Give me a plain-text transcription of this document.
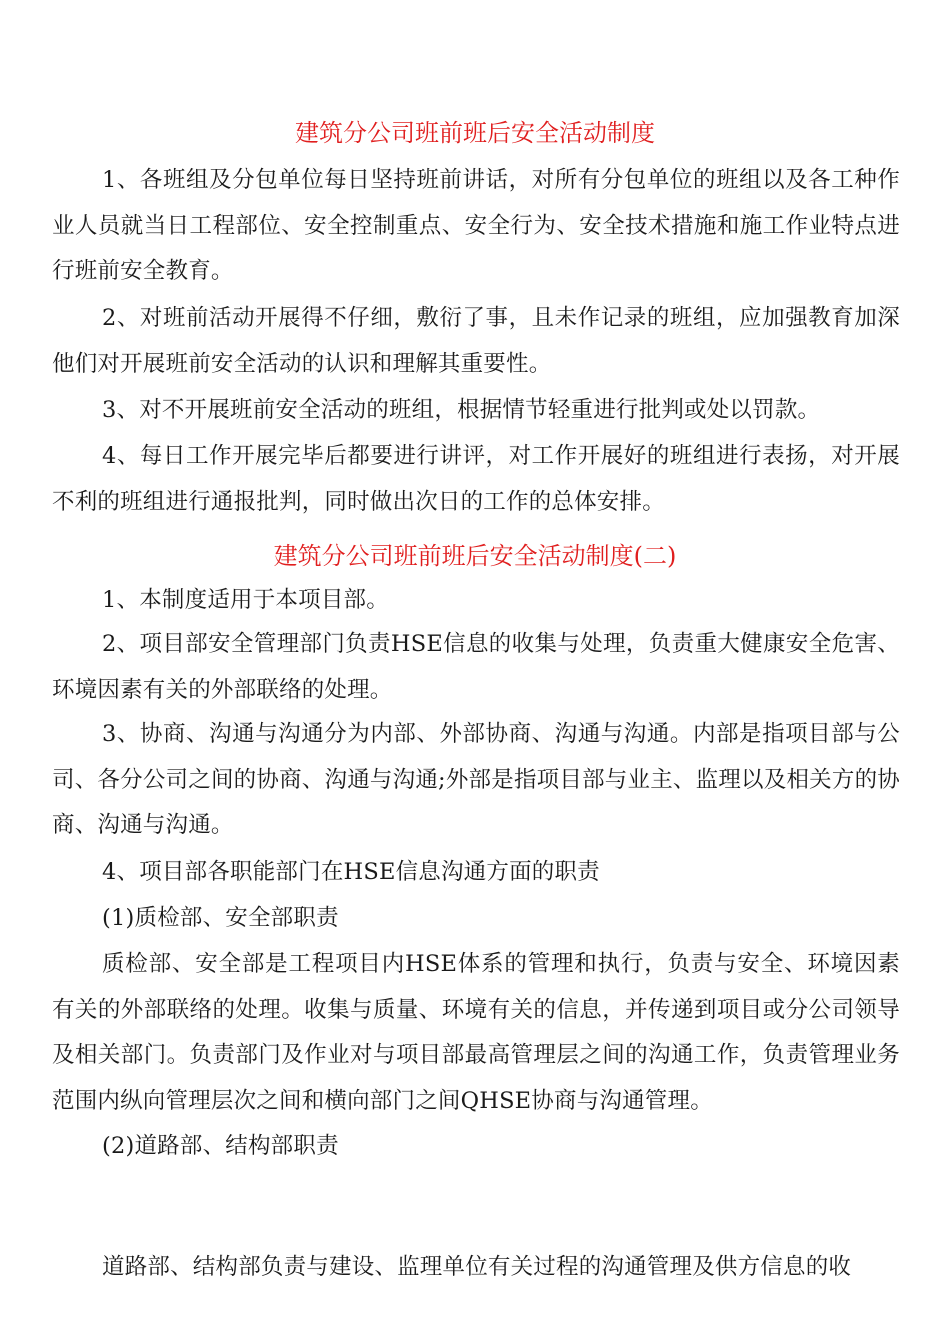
建筑分公司班前班后安全活动制度

1、各班组及分包单位每日坚持班前讲话，对所有分包单位的班组以及各工种作业人员就当日工程部位、安全控制重点、安全行为、安全技术措施和施工作业特点进行班前安全教育。

2、对班前活动开展得不仔细，敷衍了事，且未作记录的班组，应加强教育加深他们对开展班前安全活动的认识和理解其重要性。

3、对不开展班前安全活动的班组，根据情节轻重进行批判或处以罚款。

4、每日工作开展完毕后都要进行讲评，对工作开展好的班组进行表扬，对开展不利的班组进行通报批判，同时做出次日的工作的总体安排。

建筑分公司班前班后安全活动制度(二)

1、本制度适用于本项目部。

2、项目部安全管理部门负责HSE信息的收集与处理，负责重大健康安全危害、环境因素有关的外部联络的处理。

3、协商、沟通与沟通分为内部、外部协商、沟通与沟通。内部是指项目部与公司、各分公司之间的协商、沟通与沟通;外部是指项目部与业主、监理以及相关方的协商、沟通与沟通。

4、项目部各职能部门在HSE信息沟通方面的职责

(1)质检部、安全部职责

质检部、安全部是工程项目内HSE体系的管理和执行，负责与安全、环境因素有关的外部联络的处理。收集与质量、环境有关的信息，并传递到项目或分公司领导及相关部门。负责部门及作业对与项目部最高管理层之间的沟通工作，负责管理业务范围内纵向管理层次之间和横向部门之间QHSE协商与沟通管理。

(2)道路部、结构部职责

道路部、结构部负责与建设、监理单位有关过程的沟通管理及供方信息的收
